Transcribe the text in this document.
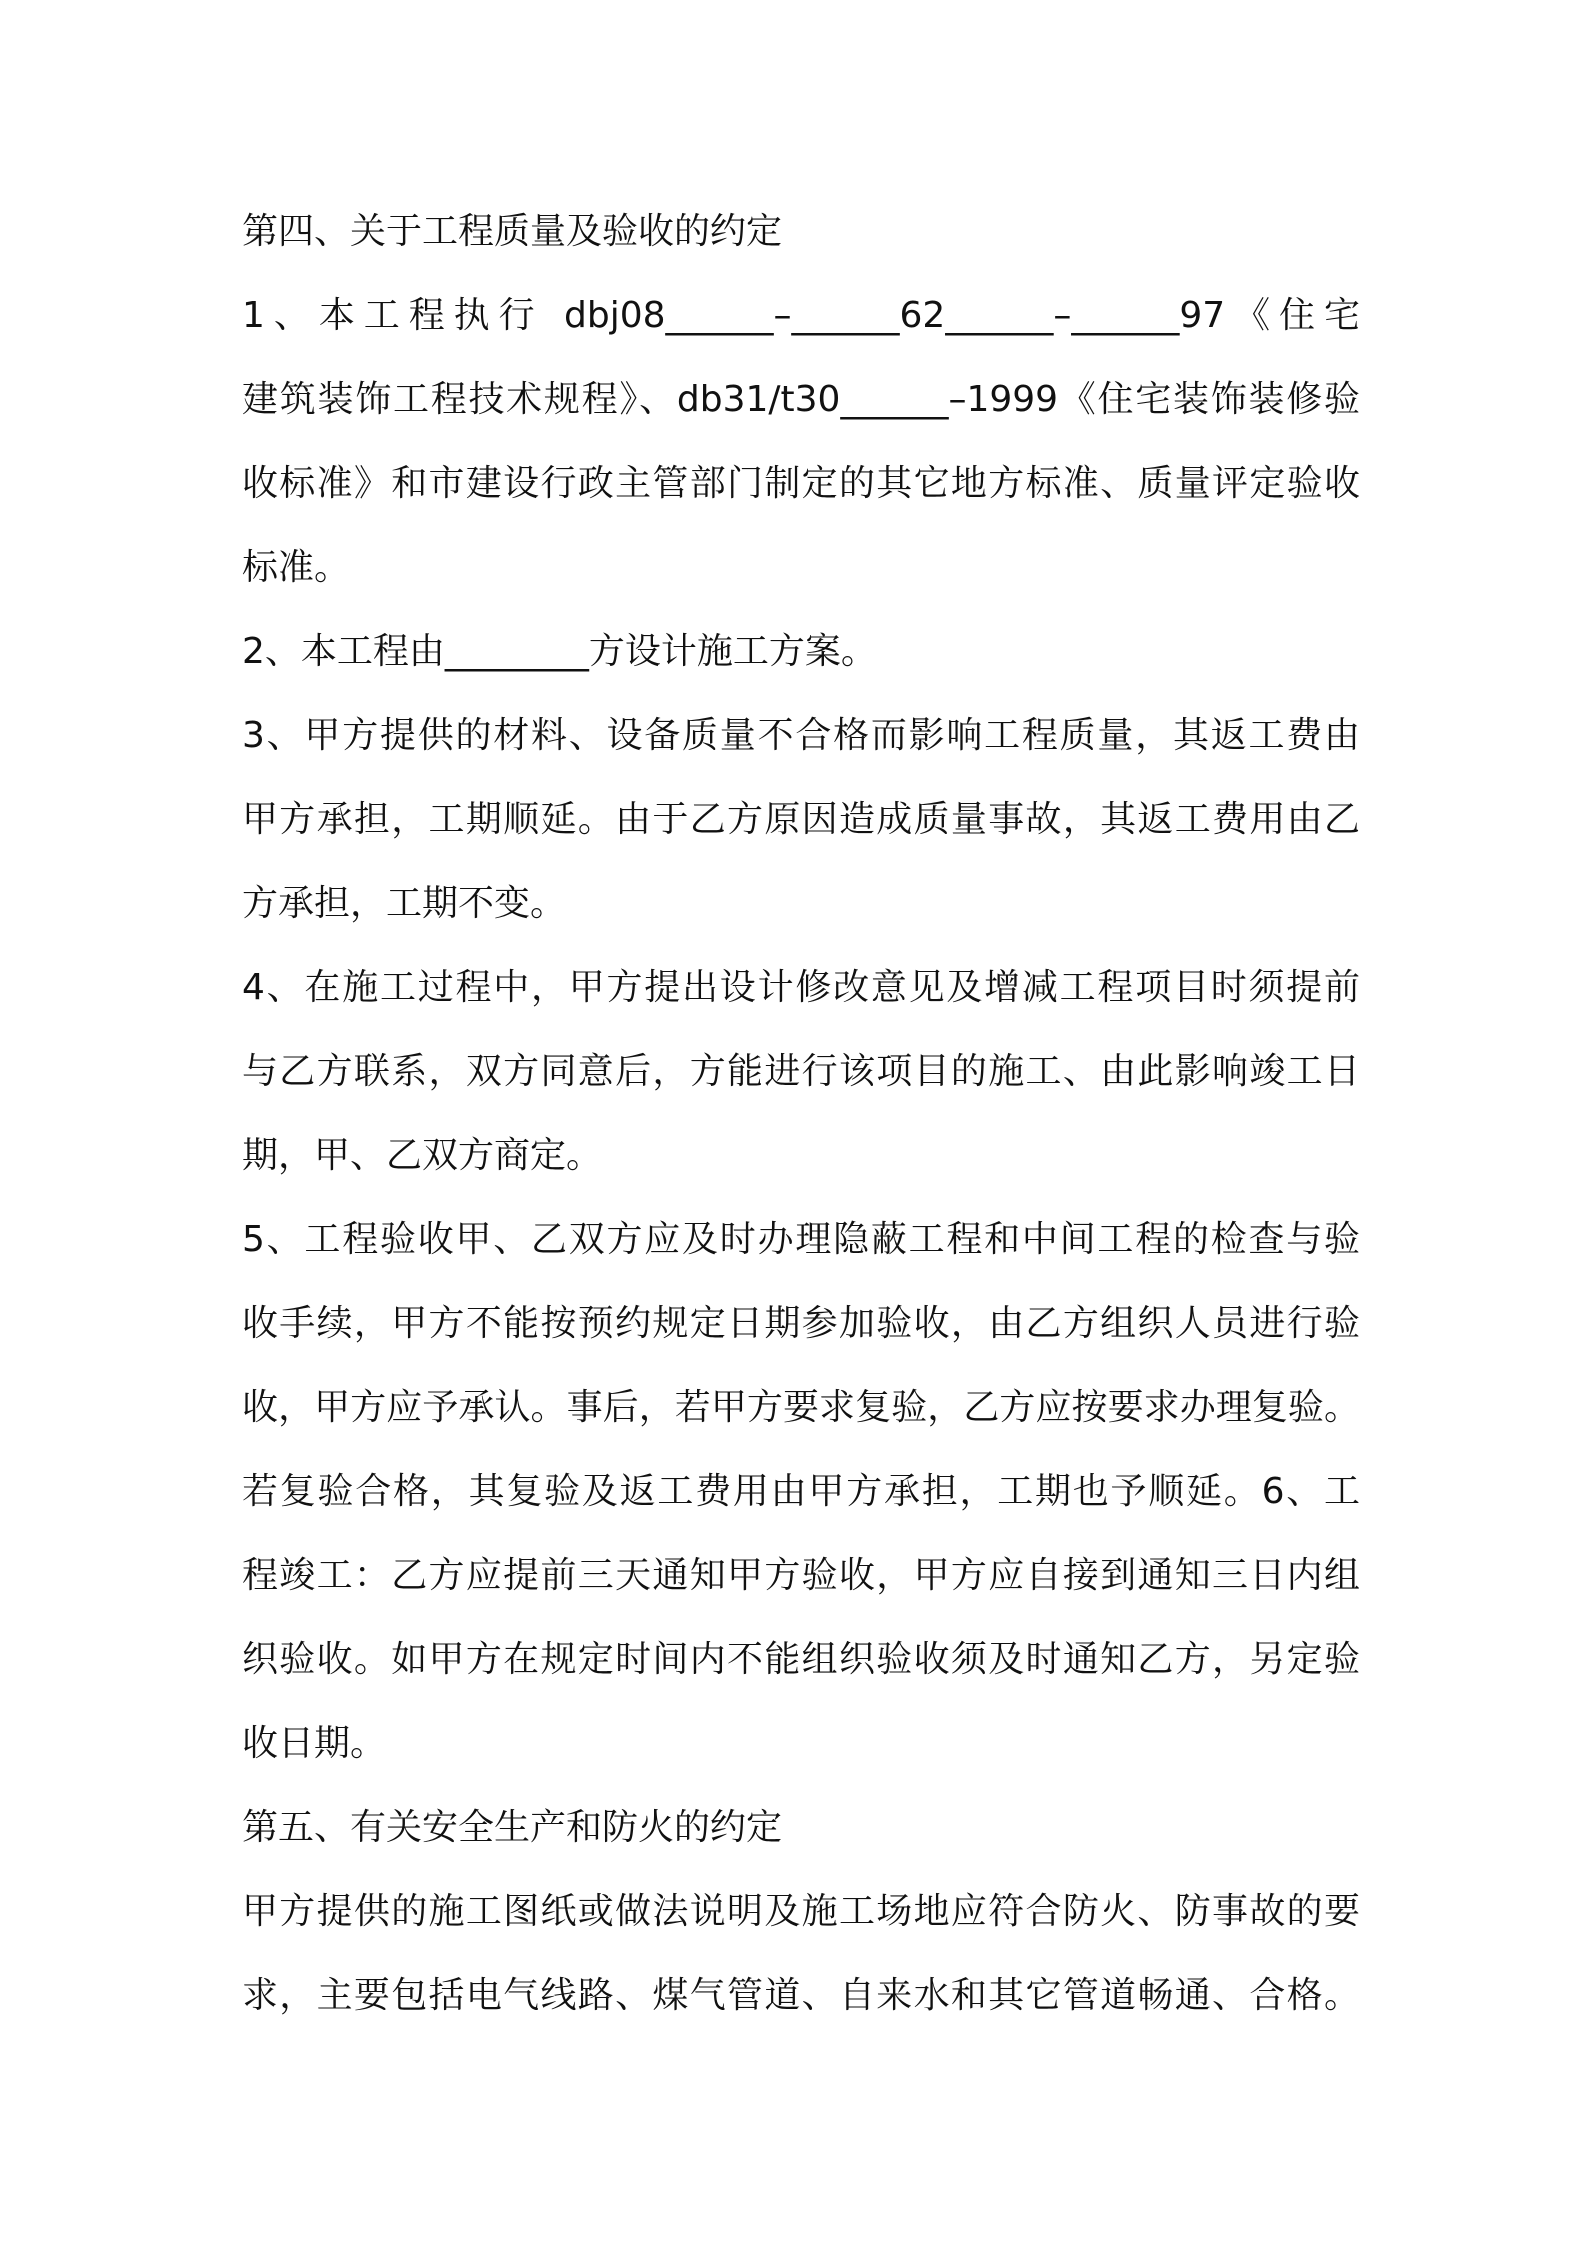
第四、关于工程质量及验收的约定
1、本工程执行 dbj08______–______62______–______97《住宅
建筑装饰工程技术规程》、db31/t30______–1999《住宅装饰装修验
收标准》和市建设行政主管部门制定的其它地方标准、质量评定验收
标准。
2、本工程由________方设计施工方案。
3、甲方提供的材料、设备质量不合格而影响工程质量，其返工费由
甲方承担，工期顺延。由于乙方原因造成质量事故，其返工费用由乙
方承担，工期不变。
4、在施工过程中，甲方提出设计修改意见及增减工程项目时须提前
与乙方联系，双方同意后，方能进行该项目的施工、由此影响竣工日
期，甲、乙双方商定。
5、工程验收甲、乙双方应及时办理隐蔽工程和中间工程的检查与验
收手续，甲方不能按预约规定日期参加验收，由乙方组织人员进行验
收，甲方应予承认。事后，若甲方要求复验，乙方应按要求办理复验。
若复验合格，其复验及返工费用由甲方承担，工期也予顺延。6、工
程竣工：乙方应提前三天通知甲方验收，甲方应自接到通知三日内组
织验收。如甲方在规定时间内不能组织验收须及时通知乙方，另定验
收日期。
第五、有关安全生产和防火的约定
甲方提供的施工图纸或做法说明及施工场地应符合防火、防事故的要
求，主要包括电气线路、煤气管道、自来水和其它管道畅通、合格。
